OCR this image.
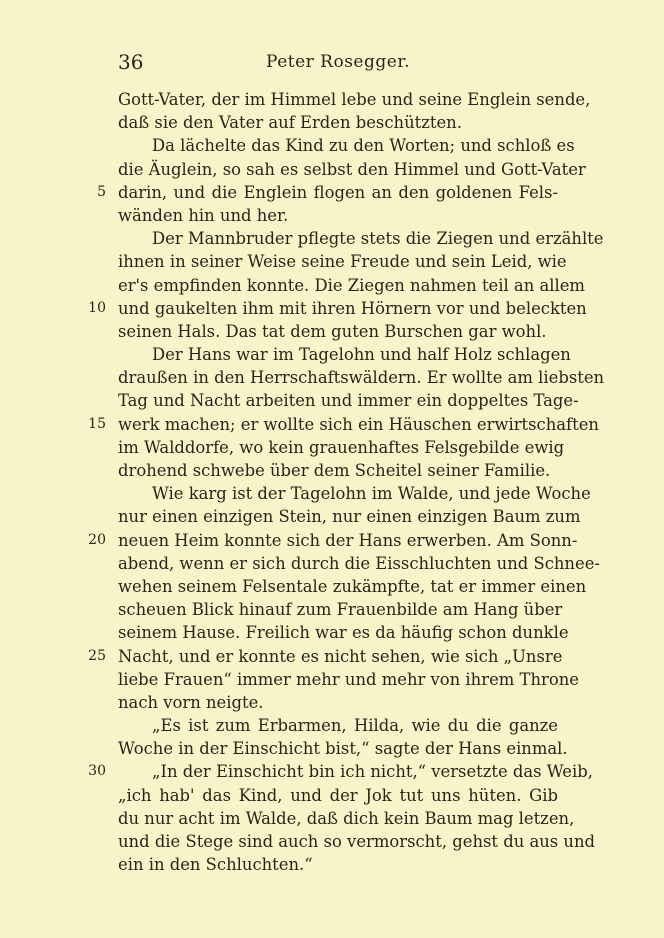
36	Peter Rosegger.
Gott-Vater, der im Himmel lebe und seine Englein sende,
daß sie den Vater auf Erden beschützten.
Da lächelte das Kind zu den Worten; und schloß es
die Äuglein, so sah es selbst den Himmel und Gott-Vater
5 darin, und die Englein flogen an den goldenen Fels-
wänden hin und her.
Der Mannbruder pflegte stets die Ziegen und erzählte
ihnen in seiner Weise seine Freude und sein Leid, wie
er's empfinden konnte. Die Ziegen nahmen teil an allem
10 und gaukelten ihm mit ihren Hörnern vor und beleckten
seinen Hals. Das tat dem guten Burschen gar wohl.
Der Hans war im Tagelohn und half Holz schlagen
draußen in den Herrschaftswäldern. Er wollte am liebsten
Tag und Nacht arbeiten und immer ein doppeltes Tage-
15 werk machen; er wollte sich ein Häuschen erwirtschaften
im Walddorfe, wo kein grauenhaftes Felsgebilde ewig
drohend schwebe über dem Scheitel seiner Familie.
Wie karg ist der Tagelohn im Walde, und jede Woche
nur einen einzigen Stein, nur einen einzigen Baum zum
20 neuen Heim konnte sich der Hans erwerben. Am Sonn-
abend, wenn er sich durch die Eisschluchten und Schnee-
wehen seinem Felsentale zukämpfte, tat er immer einen
scheuen Blick hinauf zum Frauenbilde am Hang über
seinem Hause. Freilich war es da häufig schon dunkle
25 Nacht, und er konnte es nicht sehen, wie sich „Unsre
liebe Frauen“ immer mehr und mehr von ihrem Throne
nach vorn neigte.
„Es ist zum Erbarmen, Hilda, wie du die ganze
Woche in der Einschicht bist,“ sagte der Hans einmal.
30	„In der Einschicht bin ich nicht,“ versetzte das Weib,
„ich hab' das Kind, und der Jok tut uns hüten. Gib
du nur acht im Walde, daß dich kein Baum mag letzen,
und die Stege sind auch so vermorscht, gehst du aus und
ein in den Schluchten.“
